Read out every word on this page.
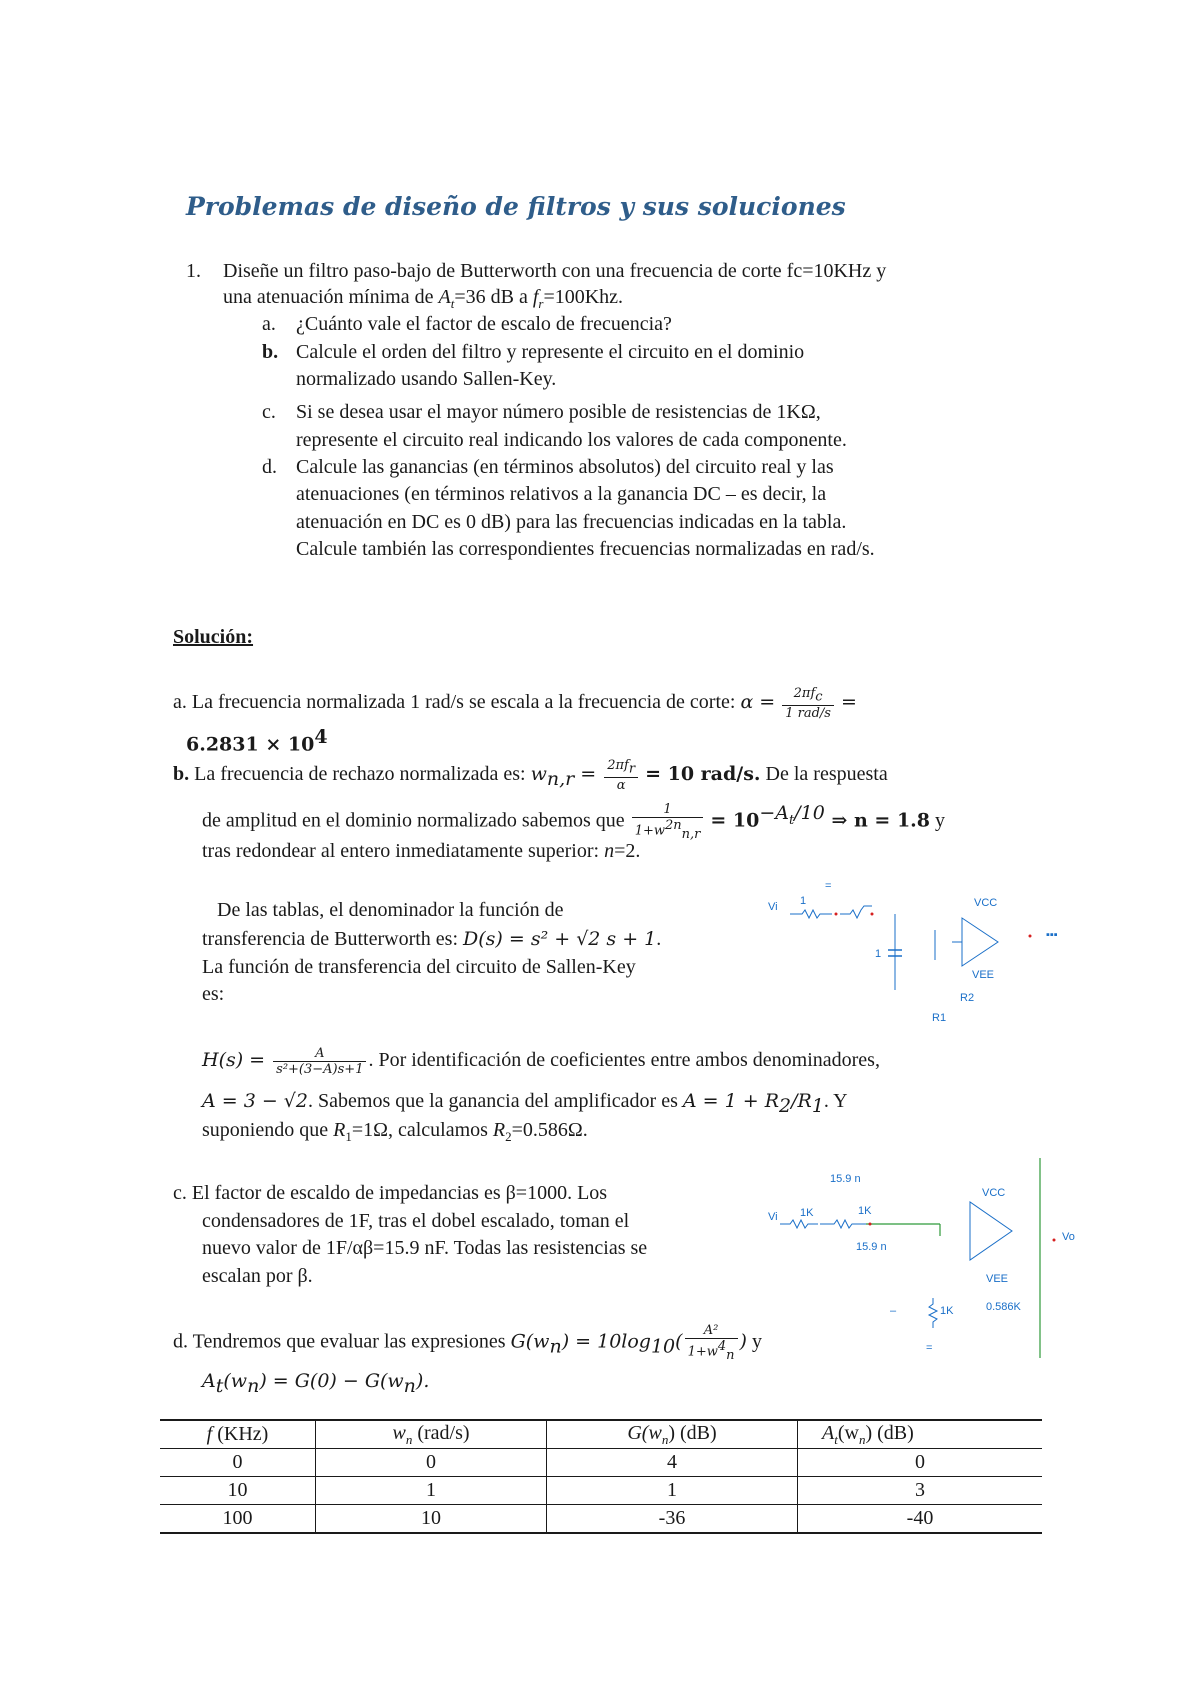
Problemas de diseño de filtros y sus soluciones
1. Diseñe un filtro paso-bajo de Butterworth con una frecuencia de corte fc=10KHz y
una atenuación mínima de $A_t=36$ dB a $f_r=100Khz$.
a. ¿Cuánto vale el factor de escalo de frecuencia?
b. Calcule el orden del filtro y represente el circuito en el dominio
normalizado usando Sallen-Key.
c. Si se desea usar el mayor número posible de resistencias de 1KΩ,
represente el circuito real indicando los valores de cada componente.
d. Calcule las ganancias (en términos absolutos) del circuito real y las
atenuaciones (en términos relativos a la ganancia DC – es decir, la
atenuación en DC es 0 dB) para las frecuencias indicadas en la tabla.
Calcule también las correspondientes frecuencias normalizadas en rad/s.
Solución:
a. La frecuencia normalizada 1 rad/s se escala a la frecuencia de corte: $\alpha = \frac{2\pi f_c}{\text{1 rad/s}}$ =
$6.2831 \times 10^4$
b. La frecuencia de rechazo normalizada es: $w_{n,r} = \frac{2\pi f_r}{\alpha} = 10$ rad/s. De la respuesta
de amplitud en el dominio normalizado sabemos que $\frac{1}{1+w^{2n}_{n,r}} = 10^{-A_t/10}$ ⇒ n = 1.8 y
tras redondear al entero inmediatamente superior: n=2.
De las tablas, el denominador la función de
transferencia de Butterworth es: D(s) = s² + √2 s + 1.
La función de transferencia del circuito de Sallen-Key
es:
$H(s) = \frac{A}{\text{s²+(3−A)s+1}}$ . Por identificación de coeficientes entre ambos denominadores,
A = 3 − √2. Sabemos que la ganancia del amplificador es $A = 1 + R_2/R_1$. Y
suponiendo que $R_1=1\Omega$, calculamos $R_2=0.586\Omega$.
Vi 1
1
VCC
VEE
R2
R1
▪▪▪
=
c. El factor de escaldo de impedancias es β=1000. Los
condensadores de 1F, tras el dobel escalado, toman el
nuevo valor de 1F/αβ=15.9 nF. Todas las resistencias se
escalan por β.
15.9 n
Vi 1K	1K
15.9 n
VCC
VEE
Vo
1K	0.586K
‒
=
d. Tendremos que evaluar las expresiones $G(w_n) = 10\log_{10}( \frac{\text{A²}}{1+w^4_n}$ ) y
$A_t(w_n) = G(0) - G(w_n)$.
f (KHz)	$w_n$ (rad/s)	$G(w_n)$ (dB)	$A_t(w_n)$ (dB)
0	0	4	0
10	1	1	3
100	10	-36	-40
